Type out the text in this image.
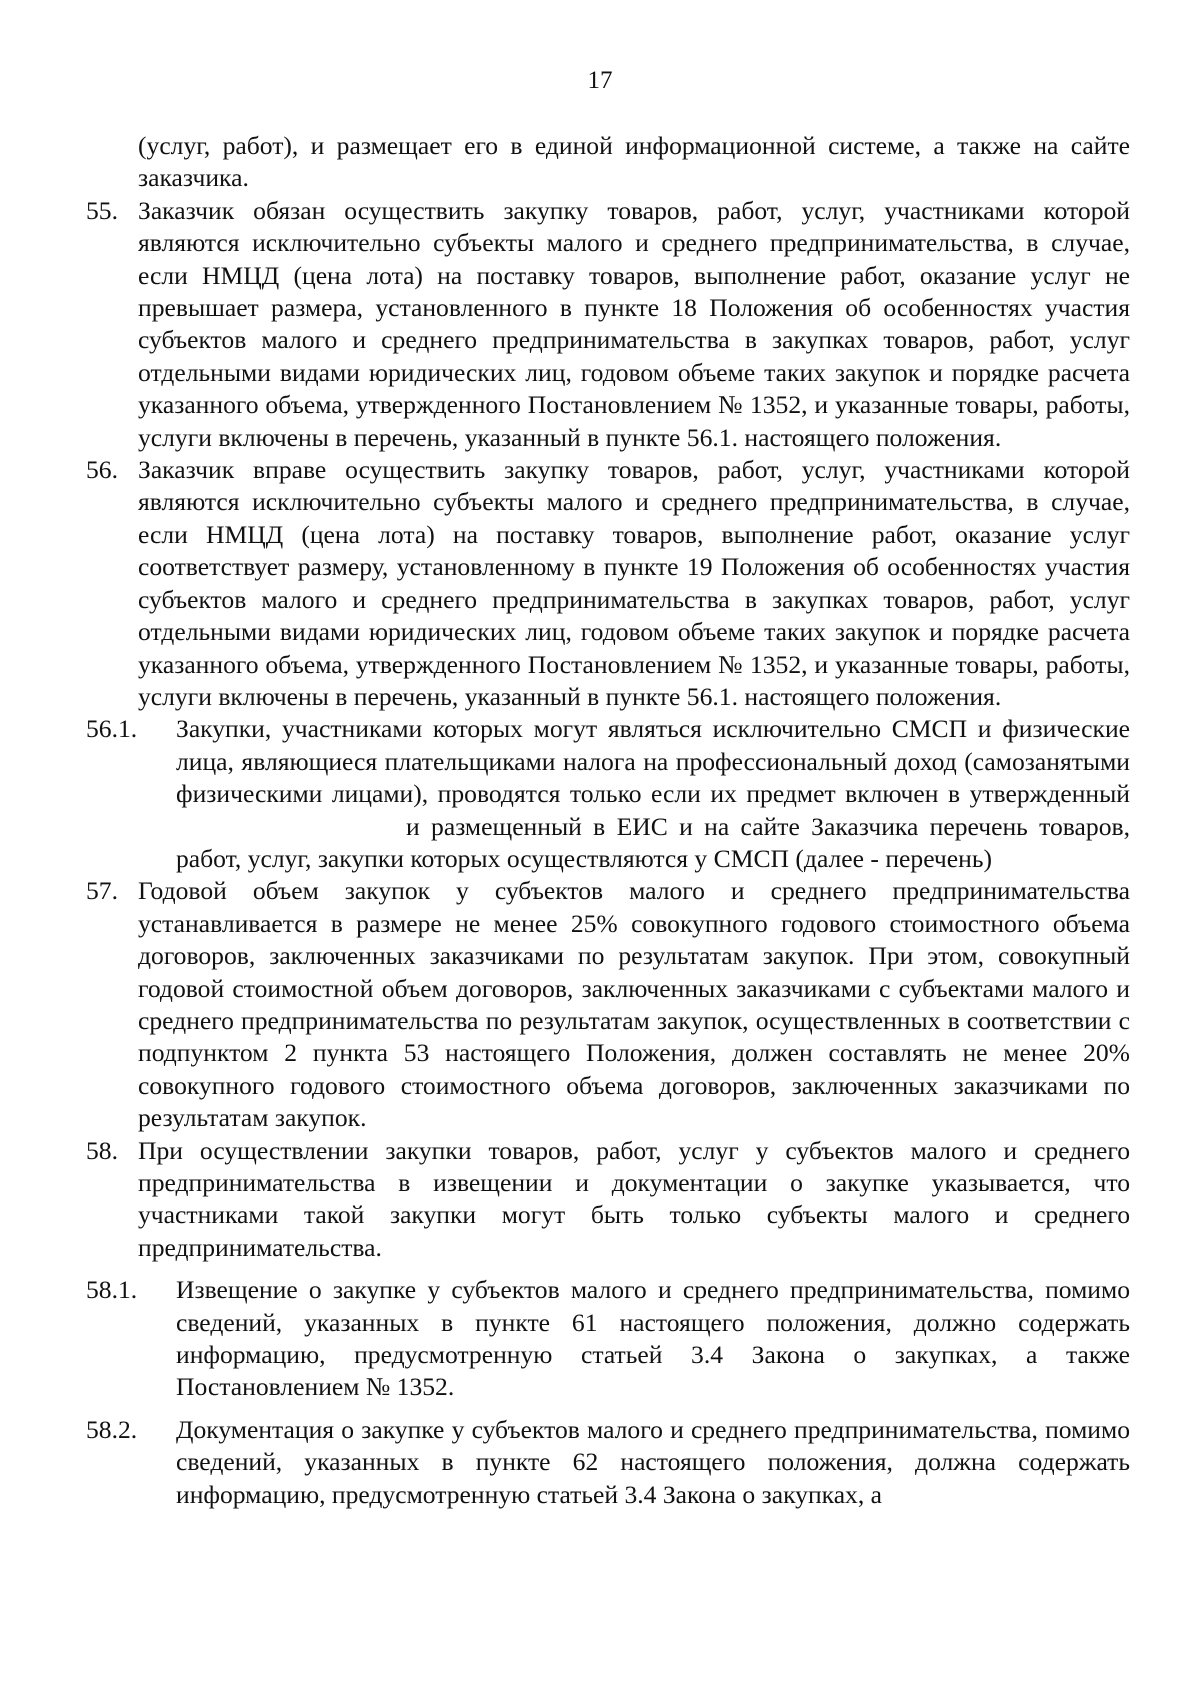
17

(услуг, работ), и размещает его в единой информационной системе, а также на сайте заказчика.

55. Заказчик обязан осуществить закупку товаров, работ, услуг, участниками которой являются исключительно субъекты малого и среднего предпринимательства, в случае, если НМЦД (цена лота) на поставку товаров, выполнение работ, оказание услуг не превышает размера, установленного в пункте 18 Положения об особенностях участия субъектов малого и среднего предпринимательства в закупках товаров, работ, услуг отдельными видами юридических лиц, годовом объеме таких закупок и порядке расчета указанного объема, утвержденного Постановлением № 1352, и указанные товары, работы, услуги включены в перечень, указанный в пункте 56.1. настоящего положения.
56. Заказчик вправе осуществить закупку товаров, работ, услуг, участниками которой являются исключительно субъекты малого и среднего предпринимательства, в случае, если НМЦД (цена лота) на поставку товаров, выполнение работ, оказание услуг соответствует размеру, установленному в пункте 19 Положения об особенностях участия субъектов малого и среднего предпринимательства в закупках товаров, работ, услуг отдельными видами юридических лиц, годовом объеме таких закупок и порядке расчета указанного объема, утвержденного Постановлением № 1352, и указанные товары, работы, услуги включены в перечень, указанный в пункте 56.1. настоящего положения.
56.1.	Закупки, участниками которых могут являться исключительно СМСП и физические лица, являющиеся плательщиками налога на профессиональный доход (самозанятыми физическими лицами), проводятся только если их предмет включен в утвержденныйи размещенный в ЕИС и на сайте Заказчика перечень товаров, работ, услуг, закупки которых осуществляются у СМСП (далее - перечень)
57. Годовой объем закупок у субъектов малого и среднего предпринимательства устанавливается в размере не менее 25% совокупного годового стоимостного объема договоров, заключенных заказчиками по результатам закупок. При этом, совокупный годовой стоимостной объем договоров, заключенных заказчиками с субъектами малого и среднего предпринимательства по результатам закупок, осуществленных в соответствии с подпунктом 2 пункта 53 настоящего Положения, должен составлять не менее 20% совокупного годового стоимостного объема договоров, заключенных заказчиками по результатам закупок.
58. При осуществлении закупки товаров, работ, услуг у субъектов малого и среднего предпринимательства в извещении и документации о закупке указывается, что участниками такой закупки могут быть только субъекты малого и среднего предпринимательства.
58.1.	Извещение о закупке у субъектов малого и среднего предпринимательства, помимо сведений, указанных в пункте 61 настоящего положения, должно содержать информацию, предусмотренную статьей 3.4 Закона о закупках, а также Постановлением № 1352.
58.2.	Документация о закупке у субъектов малого и среднего предпринимательства, помимо сведений, указанных в пункте 62 настоящего положения, должна содержать информацию, предусмотренную статьей 3.4 Закона о закупках, а
